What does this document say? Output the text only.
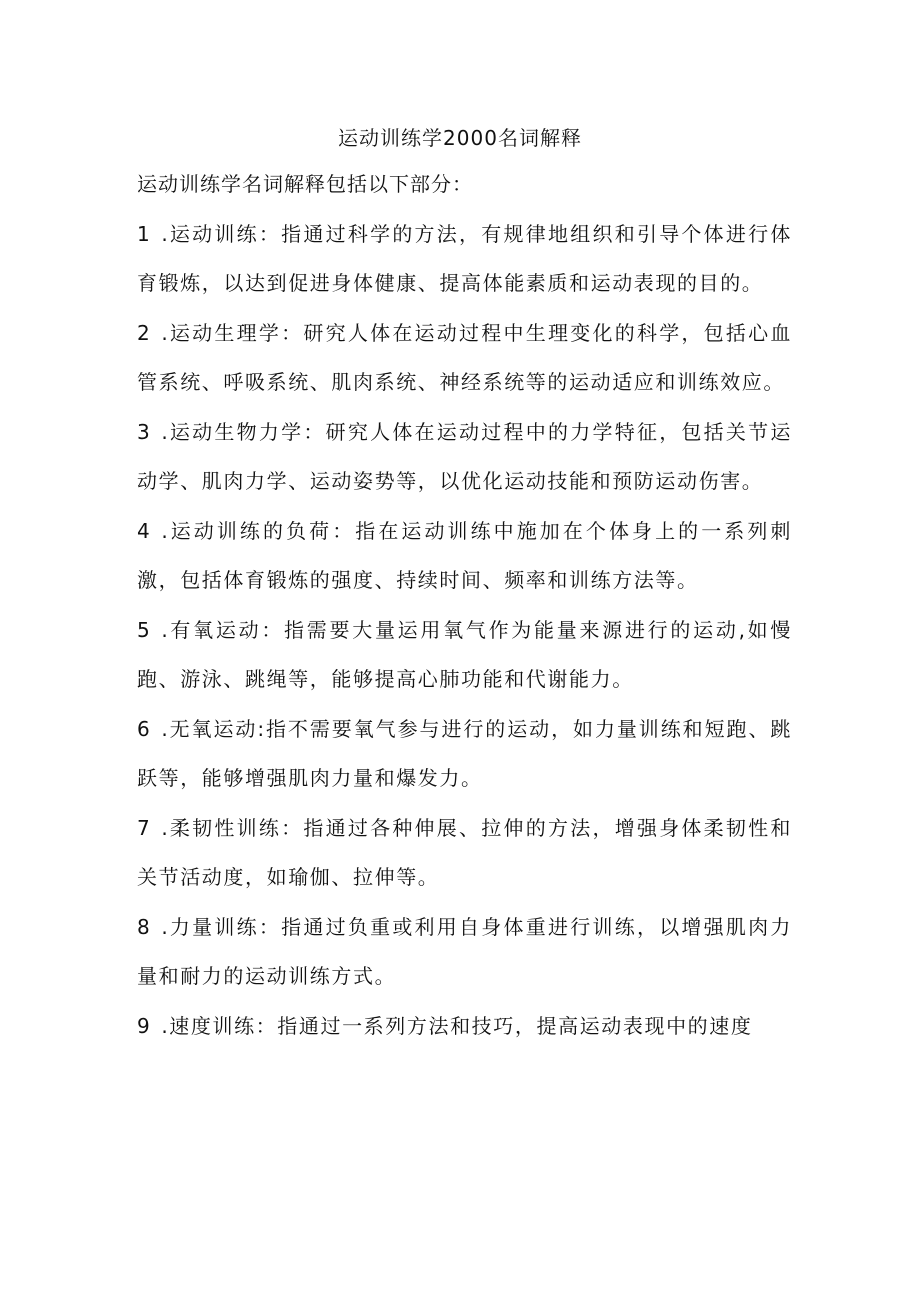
运动训练学2000名词解释
运动训练学名词解释包括以下部分：

1 .运动训练：指通过科学的方法，有规律地组织和引导个体进行体育锻炼，以达到促进身体健康、提高体能素质和运动表现的目的。

2 .运动生理学：研究人体在运动过程中生理变化的科学，包括心血管系统、呼吸系统、肌肉系统、神经系统等的运动适应和训练效应。

3 .运动生物力学：研究人体在运动过程中的力学特征，包括关节运动学、肌肉力学、运动姿势等，以优化运动技能和预防运动伤害。

4 .运动训练的负荷：指在运动训练中施加在个体身上的一系列刺激，包括体育锻炼的强度、持续时间、频率和训练方法等。

5 .有氧运动：指需要大量运用氧气作为能量来源进行的运动,如慢跑、游泳、跳绳等，能够提高心肺功能和代谢能力。

6 .无氧运动:指不需要氧气参与进行的运动，如力量训练和短跑、跳跃等，能够增强肌肉力量和爆发力。

7 .柔韧性训练：指通过各种伸展、拉伸的方法，增强身体柔韧性和关节活动度，如瑜伽、拉伸等。

8 .力量训练：指通过负重或利用自身体重进行训练，以增强肌肉力量和耐力的运动训练方式。

9 .速度训练：指通过一系列方法和技巧，提高运动表现中的速度
